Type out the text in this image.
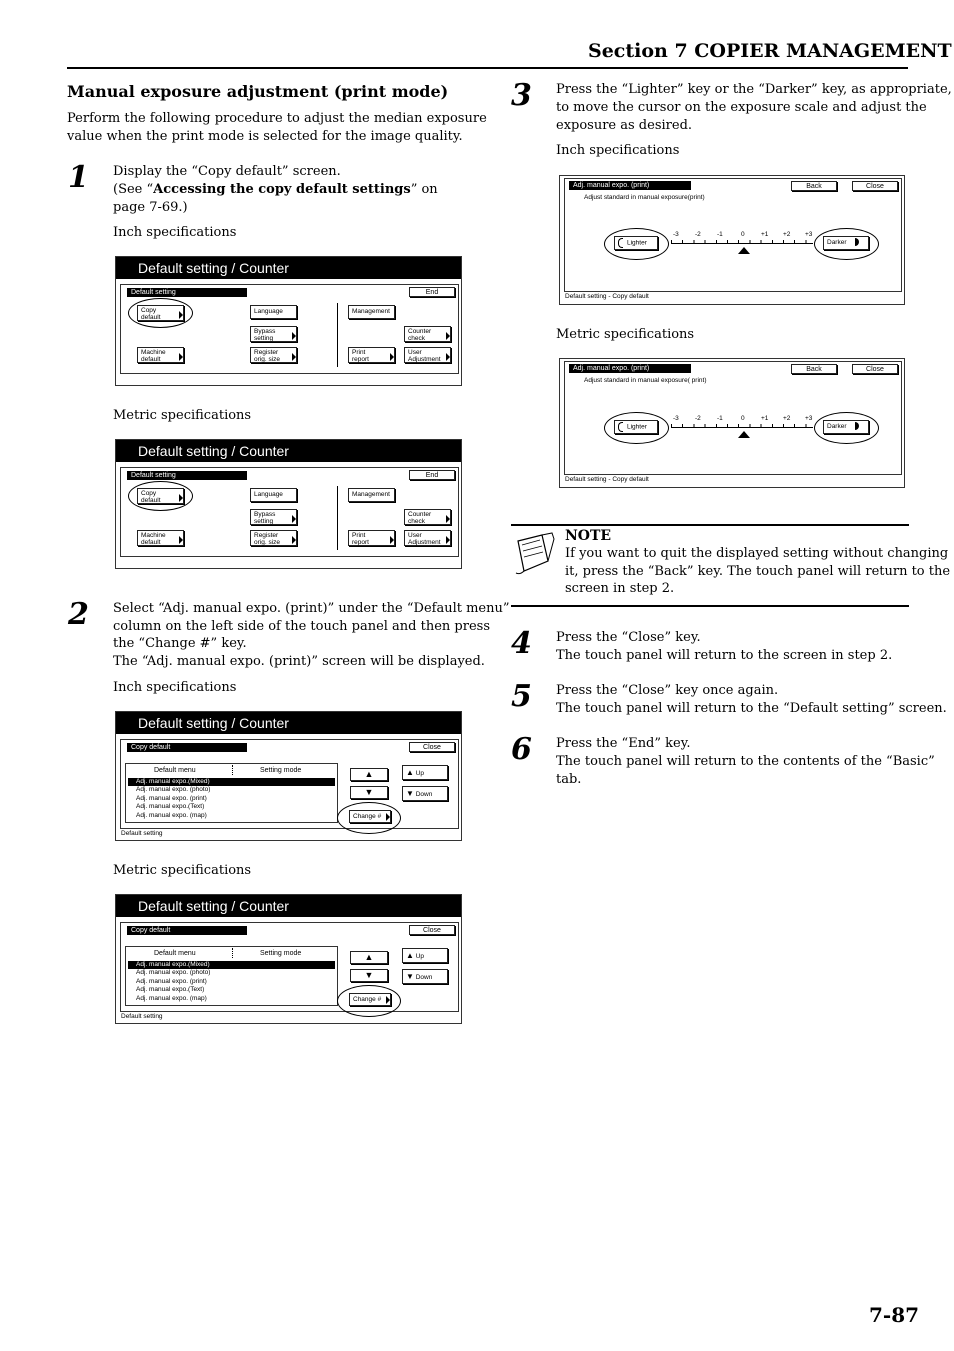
Section 7 COPIER MANAGEMENT
Manual exposure adjustment (print mode)
Perform the following procedure to adjust the median exposure
value when the print mode is selected for the image quality.
1 Display the “Copy default” screen.
(See “Accessing the copy default settings” on
page 7-69.)
Inch specifications
Default setting / Counter
Default setting	End
Copy
default
Machine
default
Language
Bypass
setting
Register
orig. size
Management
Print
report
Counter
check
User
Adjustment
Metric specifications
Default setting / Counter
Default setting	End
Copy
default
Machine
default
Language
Bypass
setting
Register
orig. size
Management
Print
report
Counter
check
User
Adjustment
2 Select “Adj. manual expo. (print)” under the “Default menu”
column on the left side of the touch panel and then press
the “Change #” key.
The “Adj. manual expo. (print)” screen will be displayed.
Inch specifications
Default setting / Counter
Copy default	Close
Default menu	Setting mode
Adj. manual expo.(Mixed)
Adj. manual expo. (photo)
Adj. manual expo. (print)
Adj. manual expo.(Text)
Adj. manual expo. (map)
▲
▼
▲ Up
▼ Down
Change #
Default setting
Metric specifications
Default setting / Counter
Copy default	Close
Default menu	Setting mode
Adj. manual expo.(Mixed)
Adj. manual expo. (photo)
Adj. manual expo. (print)
Adj. manual expo.(Text)
Adj. manual expo. (map)
▲
▼
▲ Up
▼ Down
Change #
Default setting
3 Press the “Lighter” key or the “Darker” key, as appropriate,
to move the cursor on the exposure scale and adjust the
exposure as desired.
Inch specifications
Adj. manual expo. (print)	Back	Close
Adjust standard in manual exposure(print)
Lighter	Darker
-3 -2 -1	0	+1 +2 +3
Default setting - Copy default
Metric specifications
Adj. manual expo. (print)	Back	Close
Adjust standard in manual exposure( print)
Lighter	Darker
-3 -2 -1	0	+1 +2 +3
Default setting - Copy default
NOTE
If you want to quit the displayed setting without changing
it, press the “Back” key. The touch panel will return to the
screen in step 2.
4 Press the “Close” key.
The touch panel will return to the screen in step 2.
5 Press the “Close” key once again.
The touch panel will return to the “Default setting” screen.
6 Press the “End” key.
The touch panel will return to the contents of the “Basic”
tab.
7-87
